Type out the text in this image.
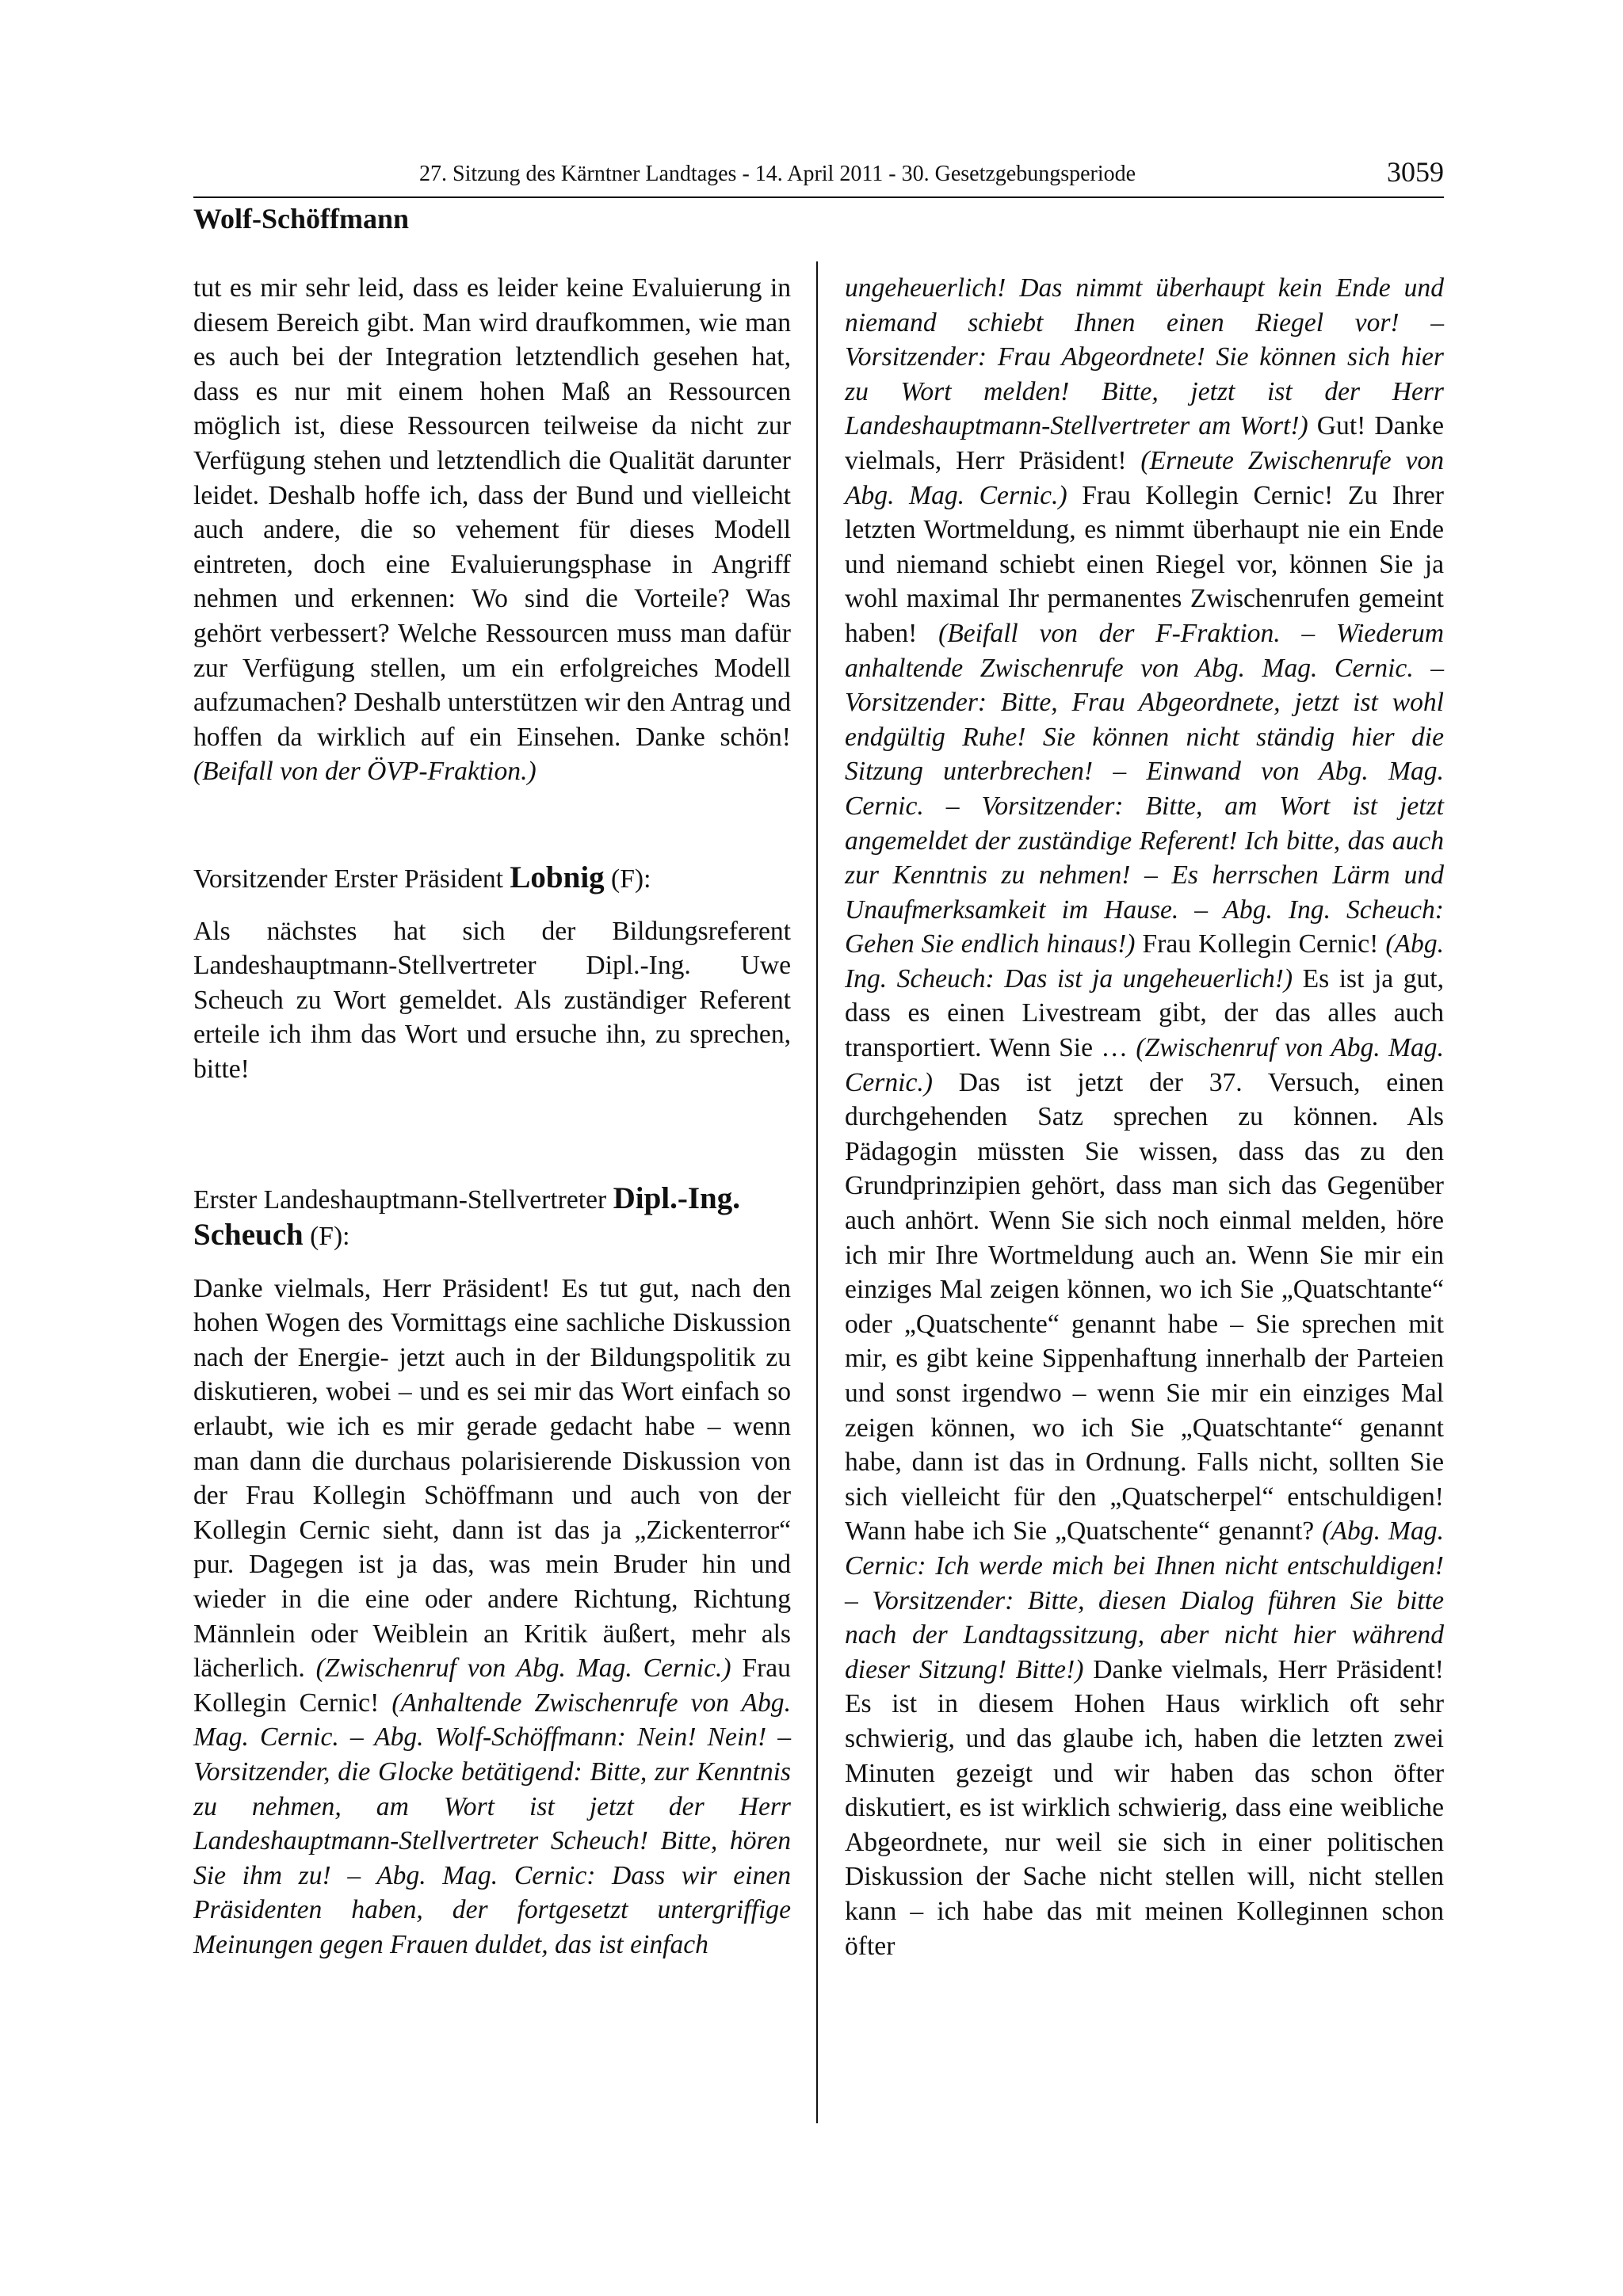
27. Sitzung des Kärntner Landtages - 14. April 2011 - 30. Gesetzgebungsperiode	3059
Wolf-Schöffmann

tut es mir sehr leid, dass es leider keine Evaluierung in diesem Bereich gibt. Man wird draufkommen, wie man es auch bei der Integration letztendlich gesehen hat, dass es nur mit einem hohen Maß an Ressourcen möglich ist, diese Ressourcen teilweise da nicht zur Verfügung stehen und letztendlich die Qualität darunter leidet. Deshalb hoffe ich, dass der Bund und vielleicht auch andere, die so vehement für dieses Modell eintreten, doch eine Evaluierungsphase in Angriff nehmen und erkennen: Wo sind die Vorteile? Was gehört verbessert? Welche Ressourcen muss man dafür zur Verfügung stellen, um ein erfolgreiches Modell aufzumachen? Deshalb unterstützen wir den Antrag und hoffen da wirklich auf ein Einsehen. Danke schön! (Beifall von der ÖVP-Fraktion.)

Vorsitzender Erster Präsident Lobnig (F):

Als nächstes hat sich der Bildungsreferent Landeshauptmann-Stellvertreter Dipl.-Ing. Uwe Scheuch zu Wort gemeldet. Als zuständiger Referent erteile ich ihm das Wort und ersuche ihn, zu sprechen, bitte!

Erster Landeshauptmann-Stellvertreter Dipl.-Ing. Scheuch (F):

Danke vielmals, Herr Präsident! Es tut gut, nach den hohen Wogen des Vormittags eine sachliche Diskussion nach der Energie- jetzt auch in der Bildungspolitik zu diskutieren, wobei – und es sei mir das Wort einfach so erlaubt, wie ich es mir gerade gedacht habe – wenn man dann die durchaus polarisierende Diskussion von der Frau Kollegin Schöffmann und auch von der Kollegin Cernic sieht, dann ist das ja „Zickenterror“ pur. Dagegen ist ja das, was mein Bruder hin und wieder in die eine oder andere Richtung, Richtung Männlein oder Weiblein an Kritik äußert, mehr als lächerlich. (Zwischenruf von Abg. Mag. Cernic.) Frau Kollegin Cernic! (Anhaltende Zwischenrufe von Abg. Mag. Cernic. – Abg. Wolf-Schöffmann: Nein! Nein! – Vorsitzender, die Glocke betätigend: Bitte, zur Kenntnis zu nehmen, am Wort ist jetzt der Herr Landeshauptmann-Stellvertreter Scheuch! Bitte, hören Sie ihm zu! – Abg. Mag. Cernic: Dass wir einen Präsidenten haben, der fortgesetzt untergriffige Meinungen gegen Frauen duldet, das ist einfach

ungeheuerlich! Das nimmt überhaupt kein Ende und niemand schiebt Ihnen einen Riegel vor! – Vorsitzender: Frau Abgeordnete! Sie können sich hier zu Wort melden! Bitte, jetzt ist der Herr Landeshauptmann-Stellvertreter am Wort!) Gut! Danke vielmals, Herr Präsident! (Erneute Zwischenrufe von Abg. Mag. Cernic.) Frau Kollegin Cernic! Zu Ihrer letzten Wortmeldung, es nimmt überhaupt nie ein Ende und niemand schiebt einen Riegel vor, können Sie ja wohl maximal Ihr permanentes Zwischenrufen gemeint haben! (Beifall von der F-Fraktion. – Wiederum anhaltende Zwischenrufe von Abg. Mag. Cernic. – Vorsitzender: Bitte, Frau Abgeordnete, jetzt ist wohl endgültig Ruhe! Sie können nicht ständig hier die Sitzung unterbrechen! – Einwand von Abg. Mag. Cernic. – Vorsitzender: Bitte, am Wort ist jetzt angemeldet der zuständige Referent! Ich bitte, das auch zur Kenntnis zu nehmen! – Es herrschen Lärm und Unaufmerksamkeit im Hause. – Abg. Ing. Scheuch: Gehen Sie endlich hinaus!) Frau Kollegin Cernic! (Abg. Ing. Scheuch: Das ist ja ungeheuerlich!) Es ist ja gut, dass es einen Livestream gibt, der das alles auch transportiert. Wenn Sie … (Zwischenruf von Abg. Mag. Cernic.) Das ist jetzt der 37. Versuch, einen durchgehenden Satz sprechen zu können. Als Pädagogin müssten Sie wissen, dass das zu den Grundprinzipien gehört, dass man sich das Gegenüber auch anhört. Wenn Sie sich noch einmal melden, höre ich mir Ihre Wortmeldung auch an. Wenn Sie mir ein einziges Mal zeigen können, wo ich Sie „Quatschtante“ oder „Quatschente“ genannt habe – Sie sprechen mit mir, es gibt keine Sippenhaftung innerhalb der Parteien und sonst irgendwo – wenn Sie mir ein einziges Mal zeigen können, wo ich Sie „Quatschtante“ genannt habe, dann ist das in Ordnung. Falls nicht, sollten Sie sich vielleicht für den „Quatscherpel“ entschuldigen! Wann habe ich Sie „Quatschente“ genannt? (Abg. Mag. Cernic: Ich werde mich bei Ihnen nicht entschuldigen! – Vorsitzender: Bitte, diesen Dialog führen Sie bitte nach der Landtagssitzung, aber nicht hier während dieser Sitzung! Bitte!) Danke vielmals, Herr Präsident! Es ist in diesem Hohen Haus wirklich oft sehr schwierig, und das glaube ich, haben die letzten zwei Minuten gezeigt und wir haben das schon öfter diskutiert, es ist wirklich schwierig, dass eine weibliche Abgeordnete, nur weil sie sich in einer politischen Diskussion der Sache nicht stellen will, nicht stellen kann – ich habe das mit meinen Kolleginnen schon öfter
